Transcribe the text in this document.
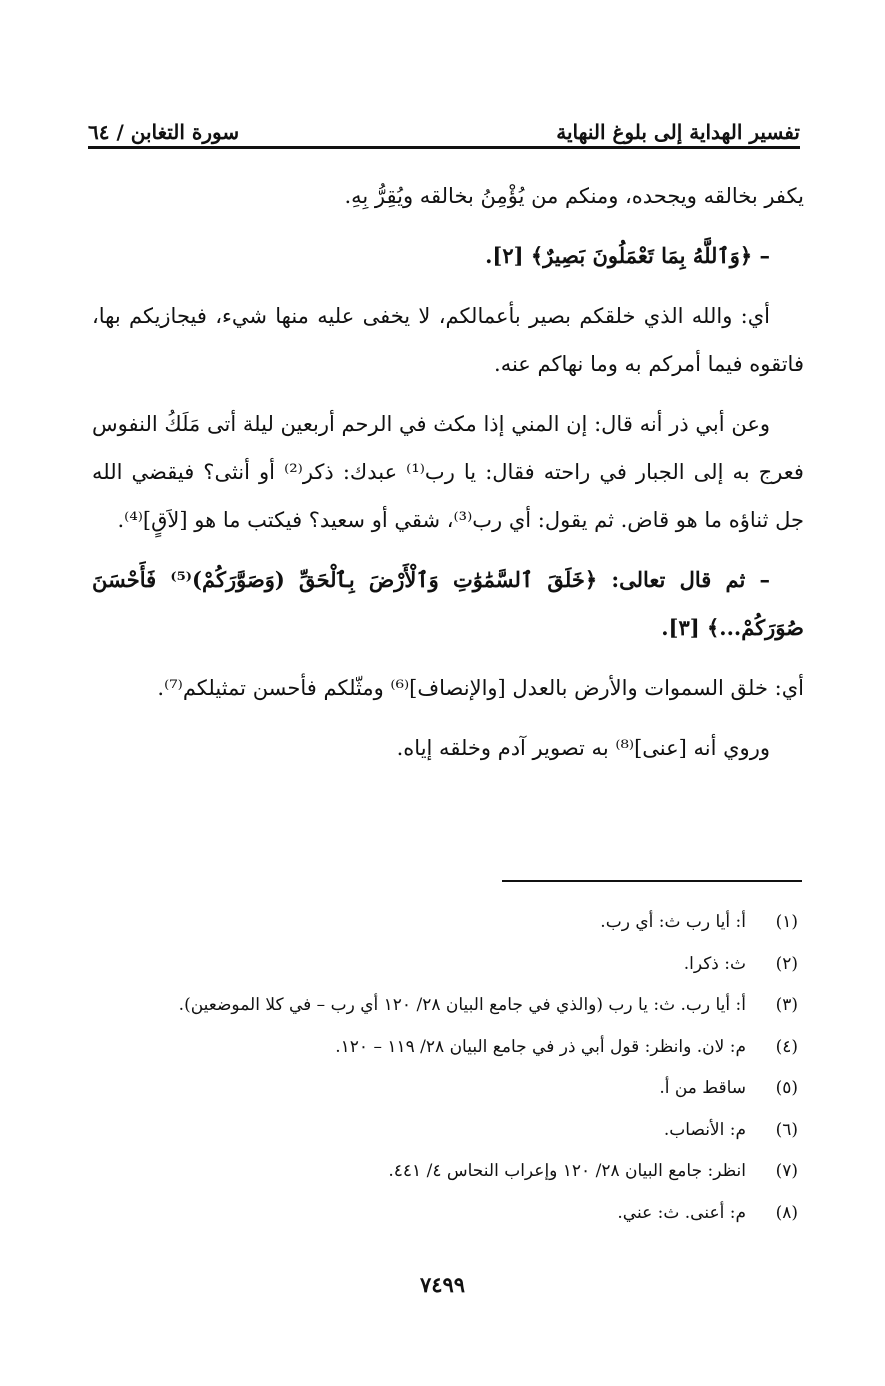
تفسير الهداية إلى بلوغ النهاية
سورة التغابن / ٦٤

يكفر بخالقه ويجحده، ومنكم من يُؤْمِنُ بخالقه ويُقِرُّ بِهِ.

– ﴿وَٱللَّهُ بِمَا تَعْمَلُونَ بَصِيرٌ﴾ [٢].

أي: والله الذي خلقكم بصير بأعمالكم، لا يخفى عليه منها شيء، فيجازيكم بها، فاتقوه فيما أمركم به وما نهاكم عنه.

وعن أبي ذر أنه قال: إن المني إذا مكث في الرحم أربعين ليلة أتى مَلَكُ النفوس فعرج به إلى الجبار في راحته فقال: يا رب⁽¹⁾ عبدك: ذكر⁽²⁾ أو أنثى؟ فيقضي الله جل ثناؤه ما هو قاض. ثم يقول: أي رب⁽³⁾، شقي أو سعيد؟ فيكتب ما هو [لاَقٍ]⁽⁴⁾.

– ثم قال تعالى: ﴿خَلَقَ ٱلسَّمَٰوَٰتِ وَٱلْأَرْضَ بِٱلْحَقِّ (وَصَوَّرَكُمْ)⁽⁵⁾ فَأَحْسَنَ صُوَرَكُمْ...﴾ [٣].

أي: خلق السموات والأرض بالعدل [والإنصاف]⁽⁶⁾ ومثّلكم فأحسن تمثيلكم⁽⁷⁾.

وروي أنه [عنى]⁽⁸⁾ به تصوير آدم وخلقه إياه.

(١)
أ: أيا رب ث: أي رب.
(٢)
ث: ذكرا.
(٣)
أ: أيا رب. ث: يا رب (والذي في جامع البيان ٢٨/ ١٢٠ أي رب – في كلا الموضعين).
(٤)
م: لان. وانظر: قول أبي ذر في جامع البيان ٢٨/ ١١٩ – ١٢٠.
(٥)
ساقط من أ.
(٦)
م: الأنصاب.
(٧)
انظر: جامع البيان ٢٨/ ١٢٠ وإعراب النحاس ٤/ ٤٤١.
(٨)
م: أعنى. ث: عني.
٧٤٩٩
